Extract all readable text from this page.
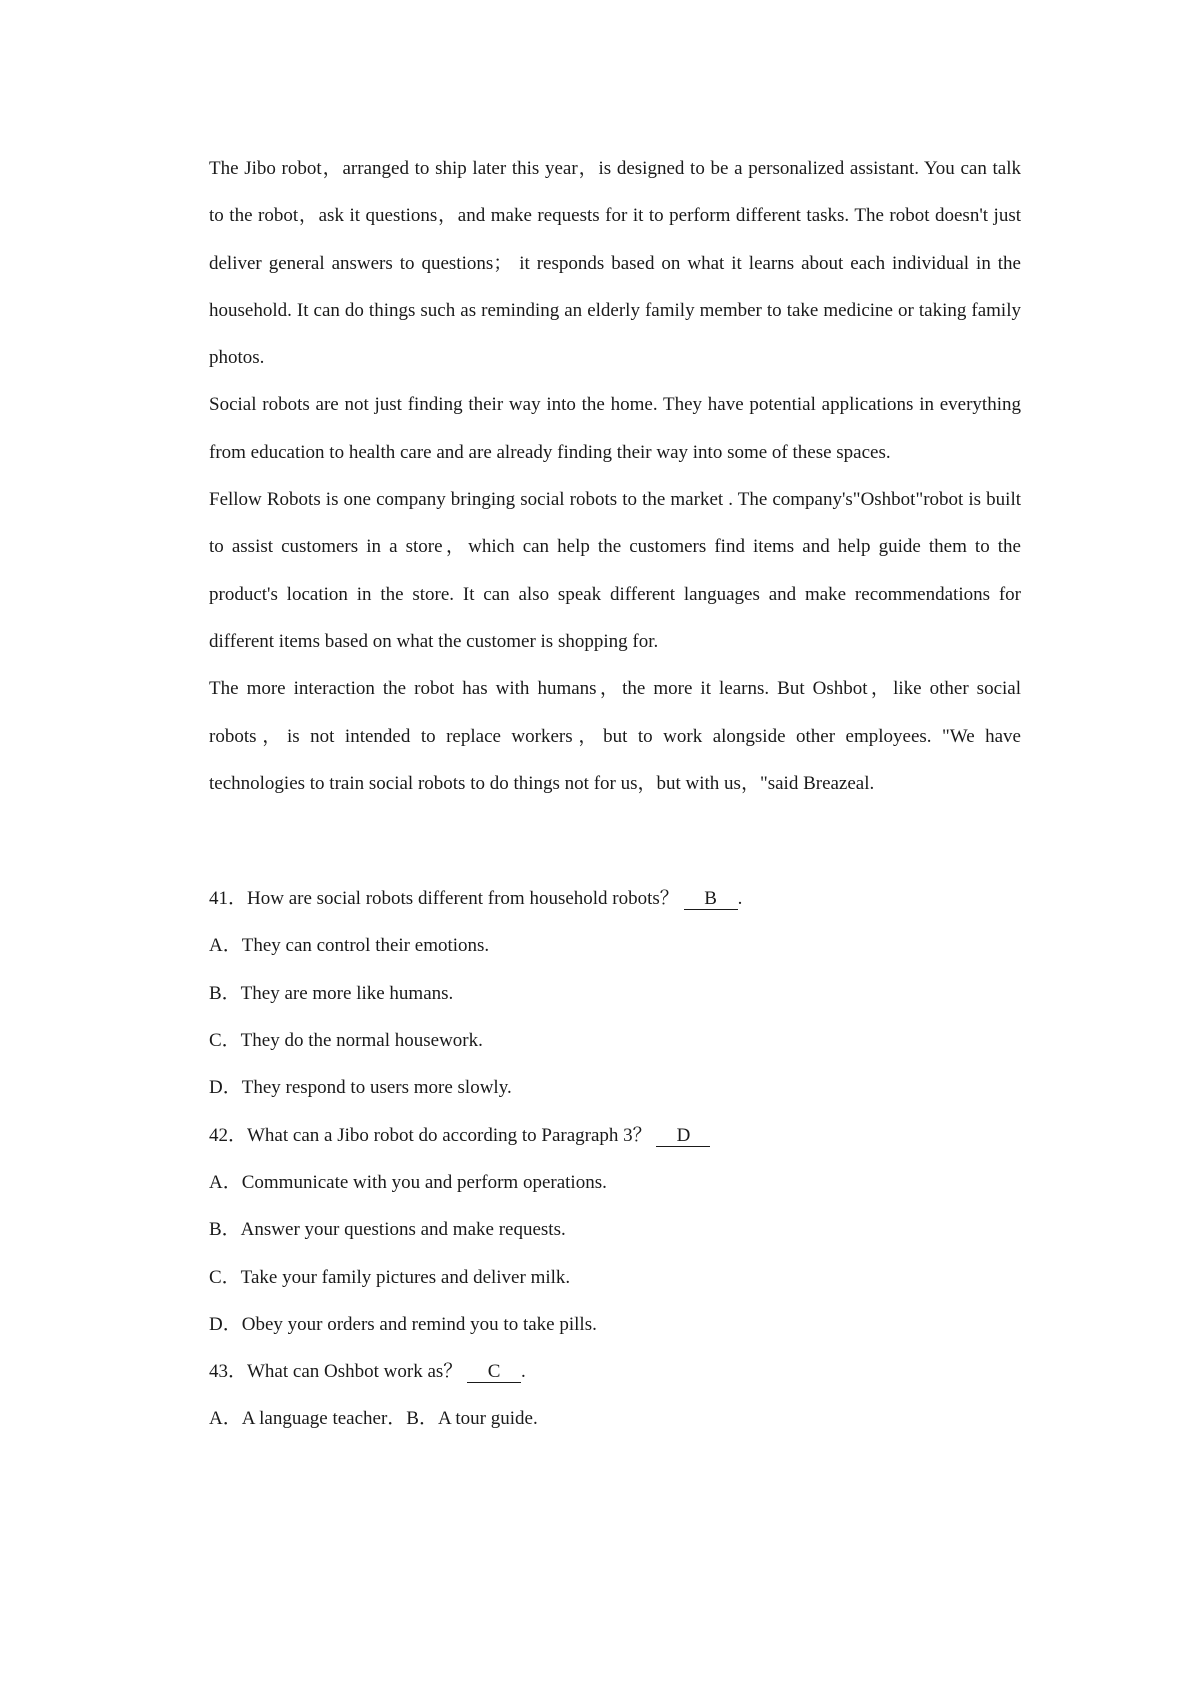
The Jibo robot，arranged to ship later this year，is designed to be a personalized assistant. You can talk to the robot，ask it questions，and make requests for it to perform different tasks. The robot doesn't just deliver general answers to questions； it responds based on what it learns about each individual in the household. It can do things such as reminding an elderly family member to take medicine or taking family photos.

Social robots are not just finding their way into the home. They have potential applications in everything from education to health care and are already finding their way into some of these spaces.

Fellow Robots is one company bringing social robots to the market . The company's"Oshbot"robot is built to assist customers in a store，which can help the customers find items and help guide them to the product's location in the store. It can also speak different languages and make recommendations for different items based on what the customer is shopping for.

The more interaction the robot has with humans，the more it learns. But Oshbot，like other social robots，is not intended to replace workers，but to work alongside other employees. "We have technologies to train social robots to do things not for us，but with us，"said Breazeal.

41．How are social robots different from household robots？ B .

A．They can control their emotions.

B．They are more like humans.

C．They do the normal housework.

D．They respond to users more slowly.

42．What can a Jibo robot do according to Paragraph 3？ D

A．Communicate with you and perform operations.

B．Answer your questions and make requests.

C．Take your family pictures and deliver milk.

D．Obey your orders and remind you to take pills.

43．What can Oshbot work as？ C .

A．A language teacher．B．A tour guide.
